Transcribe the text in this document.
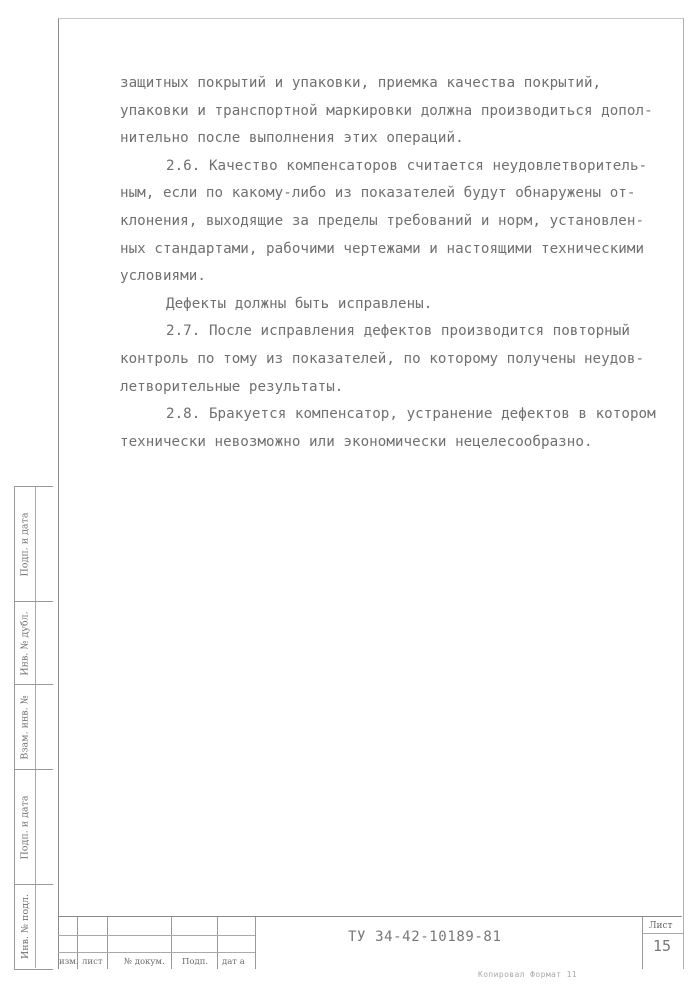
защитных покрытий и упаковки, приемка качества покрытий,

упаковки и транспортной маркировки должна производиться допол-

нительно после выполнения этих операций.

2.6. Качество компенсаторов считается неудовлетворитель-

ным, если по какому-либо из показателей будут обнаружены от-

клонения, выходящие за пределы требований и норм, установлен-

ных стандартами, рабочими чертежами и настоящими техническими

условиями.

Дефекты должны быть исправлены.

2.7. После исправления дефектов производится повторный

контроль по тому из показателей, по которому получены неудов-

летворительные результаты.

2.8. Бракуется компенсатор, устранение дефектов в котором

технически невозможно или экономически нецелесообразно.

Подп. и дата
Инв. № дубл.
Взам. инв. №
Подп. и дата
Инв. № подл.
изм. лист	№ докум. Подп. дат а
ТУ 34-42-10189-81
Лист
15
Копировал Формат 11
